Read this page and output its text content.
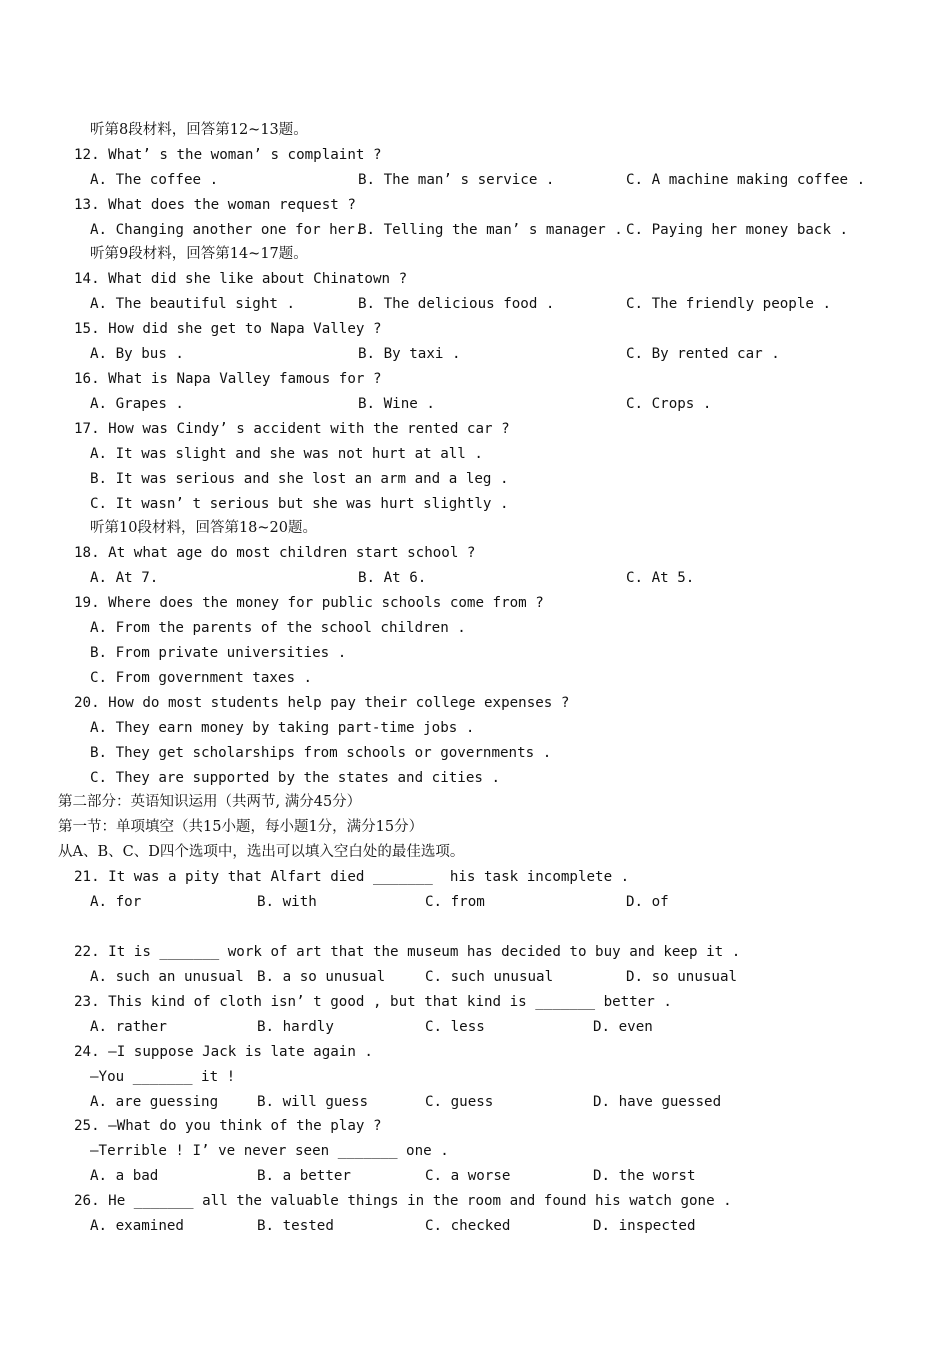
听第8段材料，回答第12~13题。
12. What’ s the woman’ s complaint ?

A. The coffee .

	B. The man’ s service .

	C. A machine making coffee .

13. What does the woman request ?

A. Changing another one for her.

B. Telling the man’ s manager .

C. Paying her money back .

听第9段材料，回答第14~17题。
14. What did she like about Chinatown ?

A. The beautiful sight .

	B. The delicious food .

	C. The friendly people .

15. How did she get to Napa Valley ?

A. By bus .

	B. By taxi .

	C. By rented car .

16. What is Napa Valley famous for ?

A. Grapes .

	B. Wine .

	C. Crops .

17. How was Cindy’ s accident with the rented car ?
A. It was slight and she was not hurt at all .
B. It was serious and she lost an arm and a leg .
C. It wasn’ t serious but she was hurt slightly .
听第10段材料，回答第18~20题。
18. At what age do most children start school ?

A. At 7.

	B. At 6.

	C. At 5.

19. Where does the money for public schools come from ?
A. From the parents of the school children .
B. From private universities .
C. From government taxes .
20. How do most students help pay their college expenses ?
A. They earn money by taking part-time jobs .
B. They get scholarships from schools or governments .
C. They are supported by the states and cities .
第二部分：英语知识运用（共两节, 满分45分）
第一节：单项填空（共15小题，每小题1分，满分15分）
从A、B、C、D四个选项中，选出可以填入空白处的最佳选项。
21. It was a pity that Alfart died _______  his task incomplete .

A. for

	B. with

	C. from

	D. of

22. It is _______ work of art that the museum has decided to buy and keep it .

A. such an unusual

B. a so unusual

	C. such unusual

	D. so unusual

23. This kind of cloth isn’ t good , but that kind is _______ better .

A. rather

	B. hardly

	C. less

	D. even

24. —I suppose Jack is late again .
—You _______ it !

A. are guessing

	B. will guess

	C. guess

	D. have guessed

25. —What do you think of the play ?
—Terrible ! I’ ve never seen _______ one .

A. a bad

	B. a better

	C. a worse

	D. the worst

26. He _______ all the valuable things in the room and found his watch gone .

A. examined

	B. tested

	C. checked

	D. inspected
